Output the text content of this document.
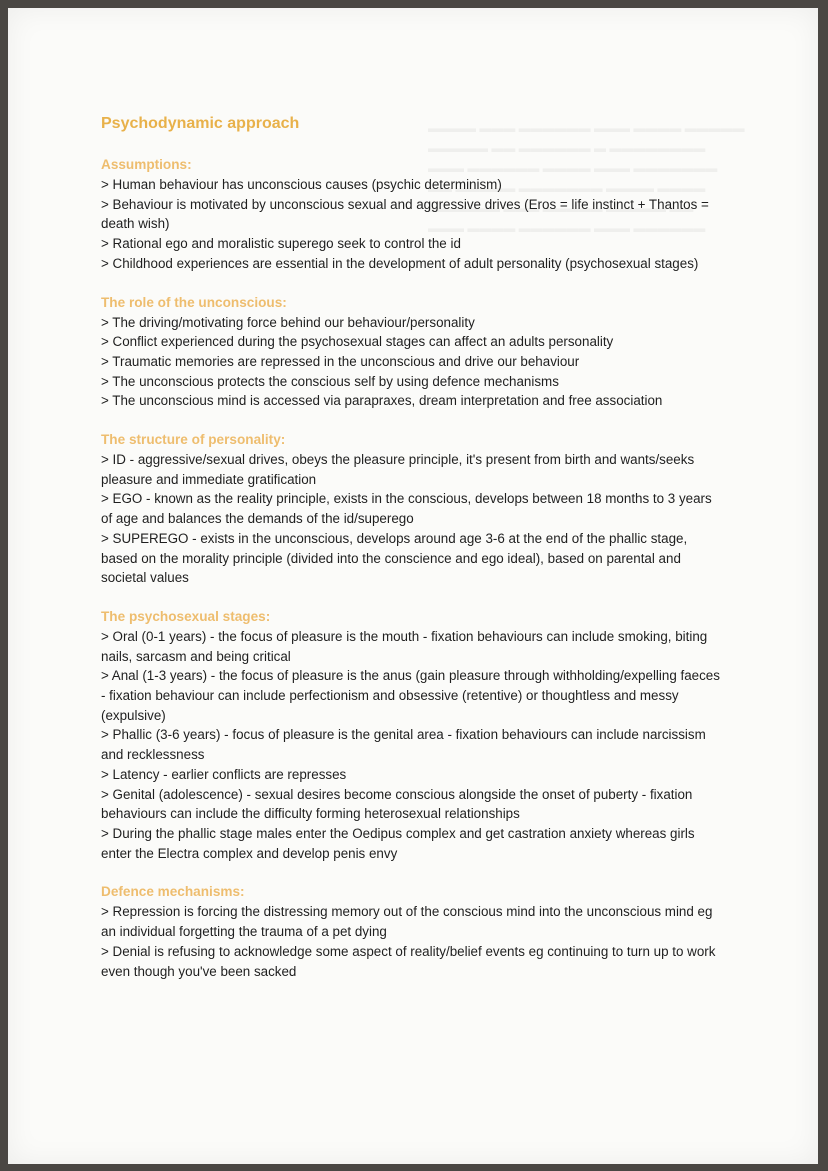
Psychodynamic approach

Assumptions:

> Human behaviour has unconscious causes (psychic determinism)

> Behaviour is motivated by unconscious sexual and aggressive drives (Eros = life instinct + Thantos = death wish)

> Rational ego and moralistic superego seek to control the id

> Childhood experiences are essential in the development of adult personality (psychosexual stages)

The role of the unconscious:

> The driving/motivating force behind our behaviour/personality

> Conflict experienced during the psychosexual stages can affect an adults personality

> Traumatic memories are repressed in the unconscious and drive our behaviour

> The unconscious protects the conscious self by using defence mechanisms

> The unconscious mind is accessed via parapraxes, dream interpretation and free association

The structure of personality:

> ID - aggressive/sexual drives, obeys the pleasure principle, it's present from birth and wants/seeks pleasure and immediate gratification

> EGO - known as the reality principle, exists in the conscious, develops between 18 months to 3 years of age and balances the demands of the id/superego

> SUPEREGO - exists in the unconscious, develops around age 3-6 at the end of the phallic stage, based on the morality principle (divided into the conscience and ego ideal), based on parental and societal values

The psychosexual stages:

> Oral (0-1 years) - the focus of pleasure is the mouth - fixation behaviours can include smoking, biting nails, sarcasm and being critical

> Anal (1-3 years) - the focus of pleasure is the anus (gain pleasure through withholding/expelling faeces - fixation behaviour can include perfectionism and obsessive (retentive) or thoughtless and messy (expulsive)

> Phallic (3-6 years) - focus of pleasure is the genital area - fixation behaviours can include narcissism and recklessness

> Latency - earlier conflicts are represses

> Genital (adolescence) - sexual desires become conscious alongside the onset of puberty - fixation behaviours can include the difficulty forming heterosexual relationships

> During the phallic stage males enter the Oedipus complex and get castration anxiety whereas girls enter the Electra complex and develop penis envy

Defence mechanisms:

> Repression is forcing the distressing memory out of the conscious mind into the unconscious mind eg an individual forgetting the trauma of a pet dying

> Denial is refusing to acknowledge some aspect of reality/belief events eg continuing to turn up to work even though you've been sacked
